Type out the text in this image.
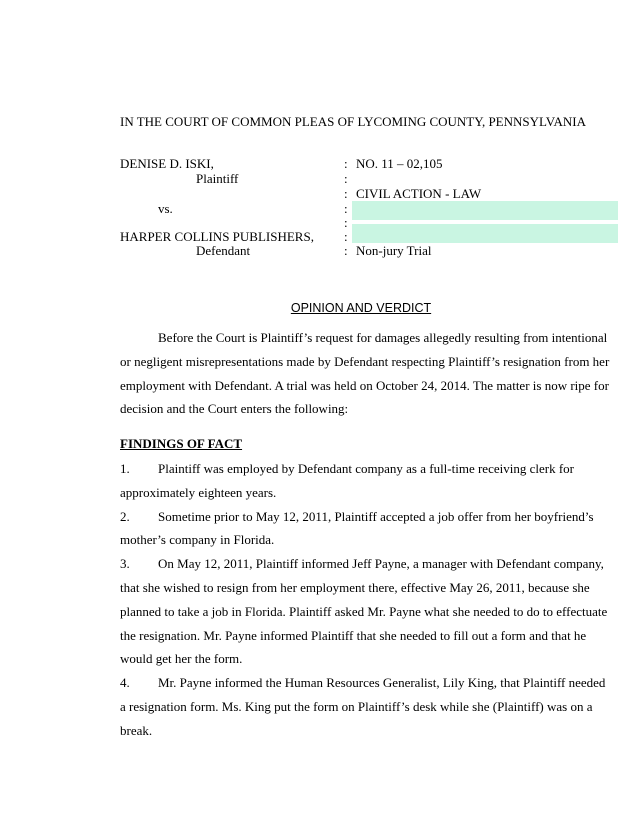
IN THE COURT OF COMMON PLEAS OF LYCOMING COUNTY, PENNSYLVANIA
DENISE D. ISKI,
Plaintiff
vs.
HARPER COLLINS PUBLISHERS,
Defendant
:
:
:
:
:
:
:
NO. 11 – 02,105
CIVIL ACTION - LAW
Non-jury Trial
OPINION AND VERDICT
Before the Court is Plaintiff’s request for damages allegedly resulting from intentional or negligent misrepresentations made by Defendant respecting Plaintiff’s resignation from her employment with Defendant. A trial was held on October 24, 2014. The matter is now ripe for decision and the Court enters the following:
FINDINGS OF FACT

1. Plaintiff was employed by Defendant company as a full-time receiving clerk for approximately eighteen years.

2. Sometime prior to May 12, 2011, Plaintiff accepted a job offer from her boyfriend’s mother’s company in Florida.

3. On May 12, 2011, Plaintiff informed Jeff Payne, a manager with Defendant company, that she wished to resign from her employment there, effective May 26, 2011, because she planned to take a job in Florida. Plaintiff asked Mr. Payne what she needed to do to effectuate the resignation. Mr. Payne informed Plaintiff that she needed to fill out a form and that he would get her the form.

4. Mr. Payne informed the Human Resources Generalist, Lily King, that Plaintiff needed a resignation form. Ms. King put the form on Plaintiff’s desk while she (Plaintiff) was on a break.
